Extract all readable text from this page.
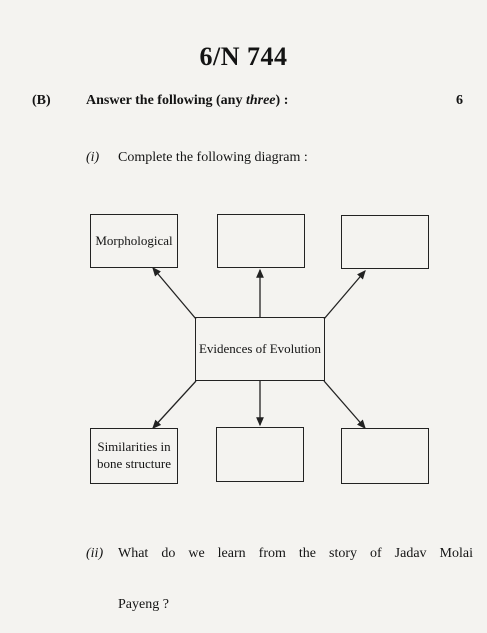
6/N 744
(B)	Answer the following (any three) :	6
(i) Complete the following diagram :
Morphological
Evidences of Evolution
Similarities in bone structure
(ii) What do we learn from the story of Jadav Molai
Payeng ?
